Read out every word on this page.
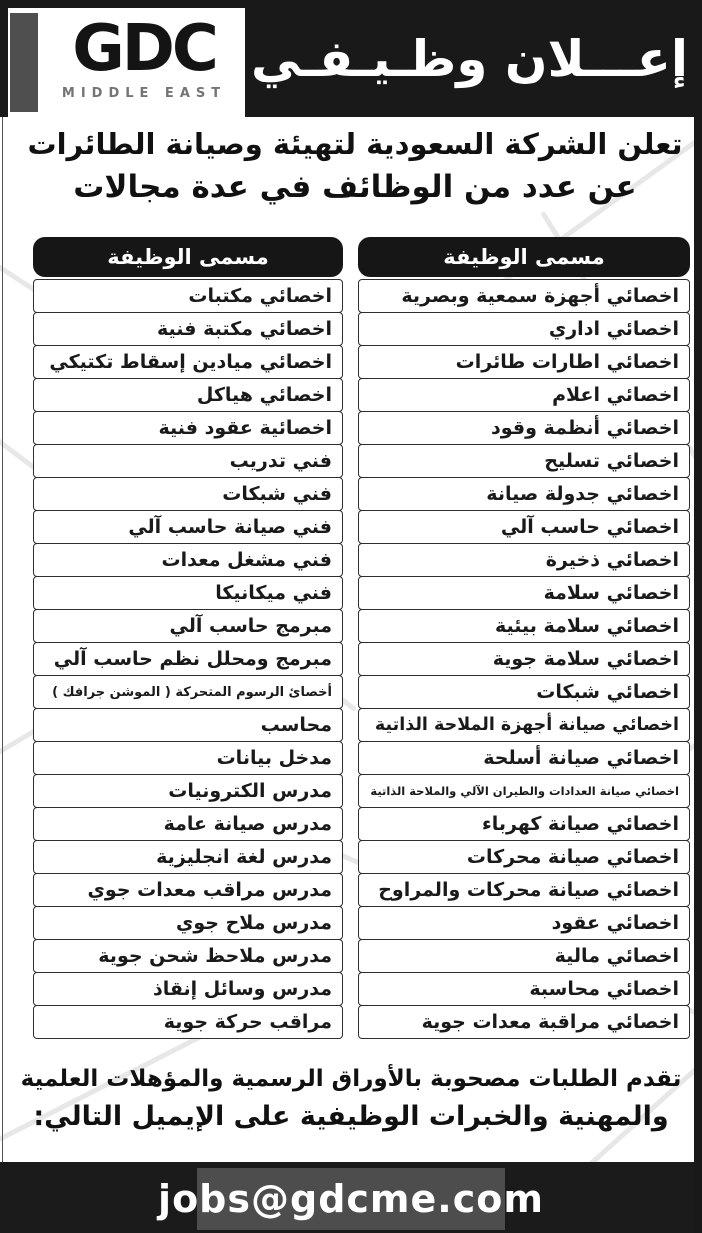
GDC
MIDDLE EAST
إعـــلان وظـيـفـي
تعلن الشركة السعودية لتهيئة وصيانة الطائرات
عن عدد من الوظائف في عدة مجالات
مسمى الوظيفة
اخصائي أجهزة سمعية وبصرية
اخصائي اداري
اخصائي اطارات طائرات
اخصائي اعلام
اخصائي أنظمة وقود
اخصائي تسليح
اخصائي جدولة صيانة
اخصائي حاسب آلي
اخصائي ذخيرة
اخصائي سلامة
اخصائي سلامة بيئية
اخصائي سلامة جوية
اخصائي شبكات
اخصائي صيانة أجهزة الملاحة الذاتية
اخصائي صيانة أسلحة
اخصائي صيانة العدادات والطيران الآلي والملاحة الذاتية
اخصائي صيانة كهرباء
اخصائي صيانة محركات
اخصائي صيانة محركات والمراوح
اخصائي عقود
اخصائي مالية
اخصائي محاسبة
اخصائي مراقبة معدات جوية
مسمى الوظيفة
اخصائي مكتبات
اخصائي مكتبة فنية
اخصائي ميادين إسقاط تكتيكي
اخصائي هياكل
اخصائية عقود فنية
فني تدريب
فني شبكات
فني صيانة حاسب آلي
فني مشغل معدات
فني ميكانيكا
مبرمج حاسب آلي
مبرمج ومحلل نظم حاسب آلي
أخصائ الرسوم المتحركة ( الموشن جرافك )
محاسب
مدخل بيانات
مدرس الكترونيات
مدرس صيانة عامة
مدرس لغة انجليزية
مدرس مراقب معدات جوي
مدرس ملاح جوي
مدرس ملاحظ شحن جوية
مدرس وسائل إنقاذ
مراقب حركة جوية
تقدم الطلبات مصحوبة بالأوراق الرسمية والمؤهلات العلمية
والمهنية والخبرات الوظيفية على الإيميل التالي:
jobs@gdcme.com
